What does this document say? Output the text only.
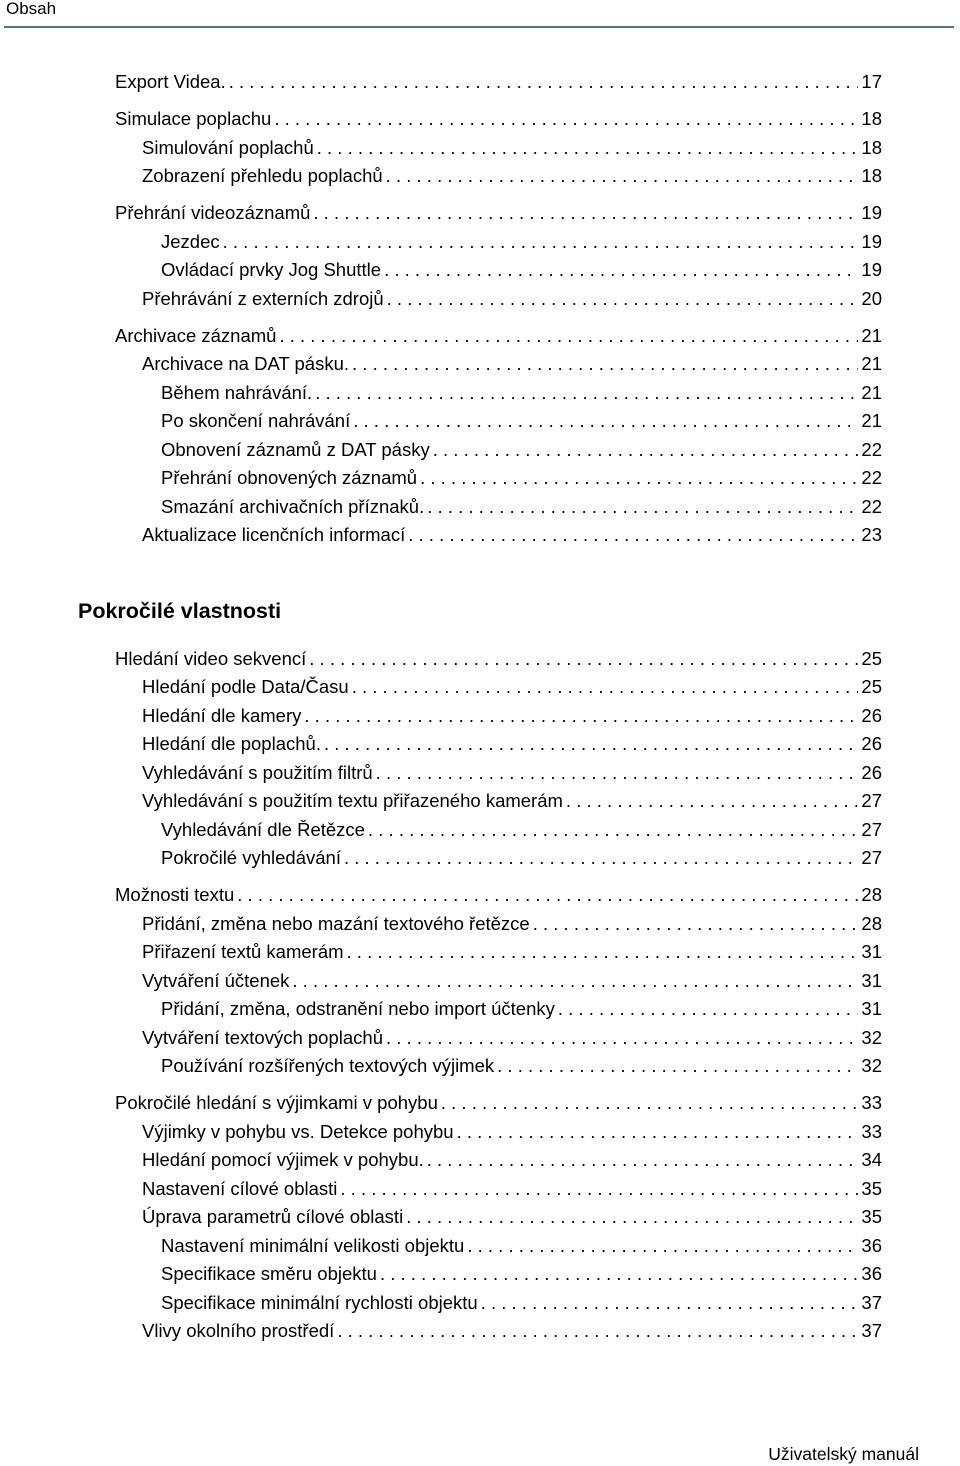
Obsah
Export Videa. . . .	17
Simulace poplachu . . .	18
Simulování poplachů . . .	18
Zobrazení přehledu poplachů . . .	18
Přehrání videozáznamů . . .	19
Jezdec . . .	19
Ovládací prvky Jog Shuttle . . .	19
Přehrávání z externích zdrojů . . .	20
Archivace záznamů . . .	21
Archivace na DAT pásku. . . .	21
Během nahrávání. . . .	21
Po skončení nahrávání . . .	21
Obnovení záznamů z DAT pásky . . .	22
Přehrání obnovených záznamů . . .	22
Smazání archivačních příznaků. . . .	22
Aktualizace licenčních informací . . .	23
Hledání video sekvencí . . .	25
Hledání podle Data/Času . . .	25
Hledání dle kamery . . .	26
Hledání dle poplachů. . . .	26
Vyhledávání s použitím filtrů . . .	26
Vyhledávání s použitím textu přiřazeného kamerám . . .	27
Vyhledávání dle Řetězce . . .	27
Pokročilé vyhledávání . . .	27
Možnosti textu . . .	28
Přidání, změna nebo mazání textového řetězce . . .	28
Přiřazení textů kamerám . . .	31
Vytváření účtenek . . .	31
Přidání, změna, odstranění nebo import účtenky . . .	31
Vytváření textových poplachů . . .	32
Používání rozšířených textových výjimek . . .	32
Pokročilé hledání s výjimkami v pohybu . . .	33
Výjimky v pohybu vs. Detekce pohybu . . .	33
Hledání pomocí výjimek v pohybu. . . .	34
Nastavení cílové oblasti . . .	35
Úprava parametrů cílové oblasti . . .	35
Nastavení minimální velikosti objektu . . .	36
Specifikace směru objektu . . .	36
Specifikace minimální rychlosti objektu . . .	37
Vlivy okolního prostředí . . .	37
Pokročilé vlastnosti
Uživatelský manuál
